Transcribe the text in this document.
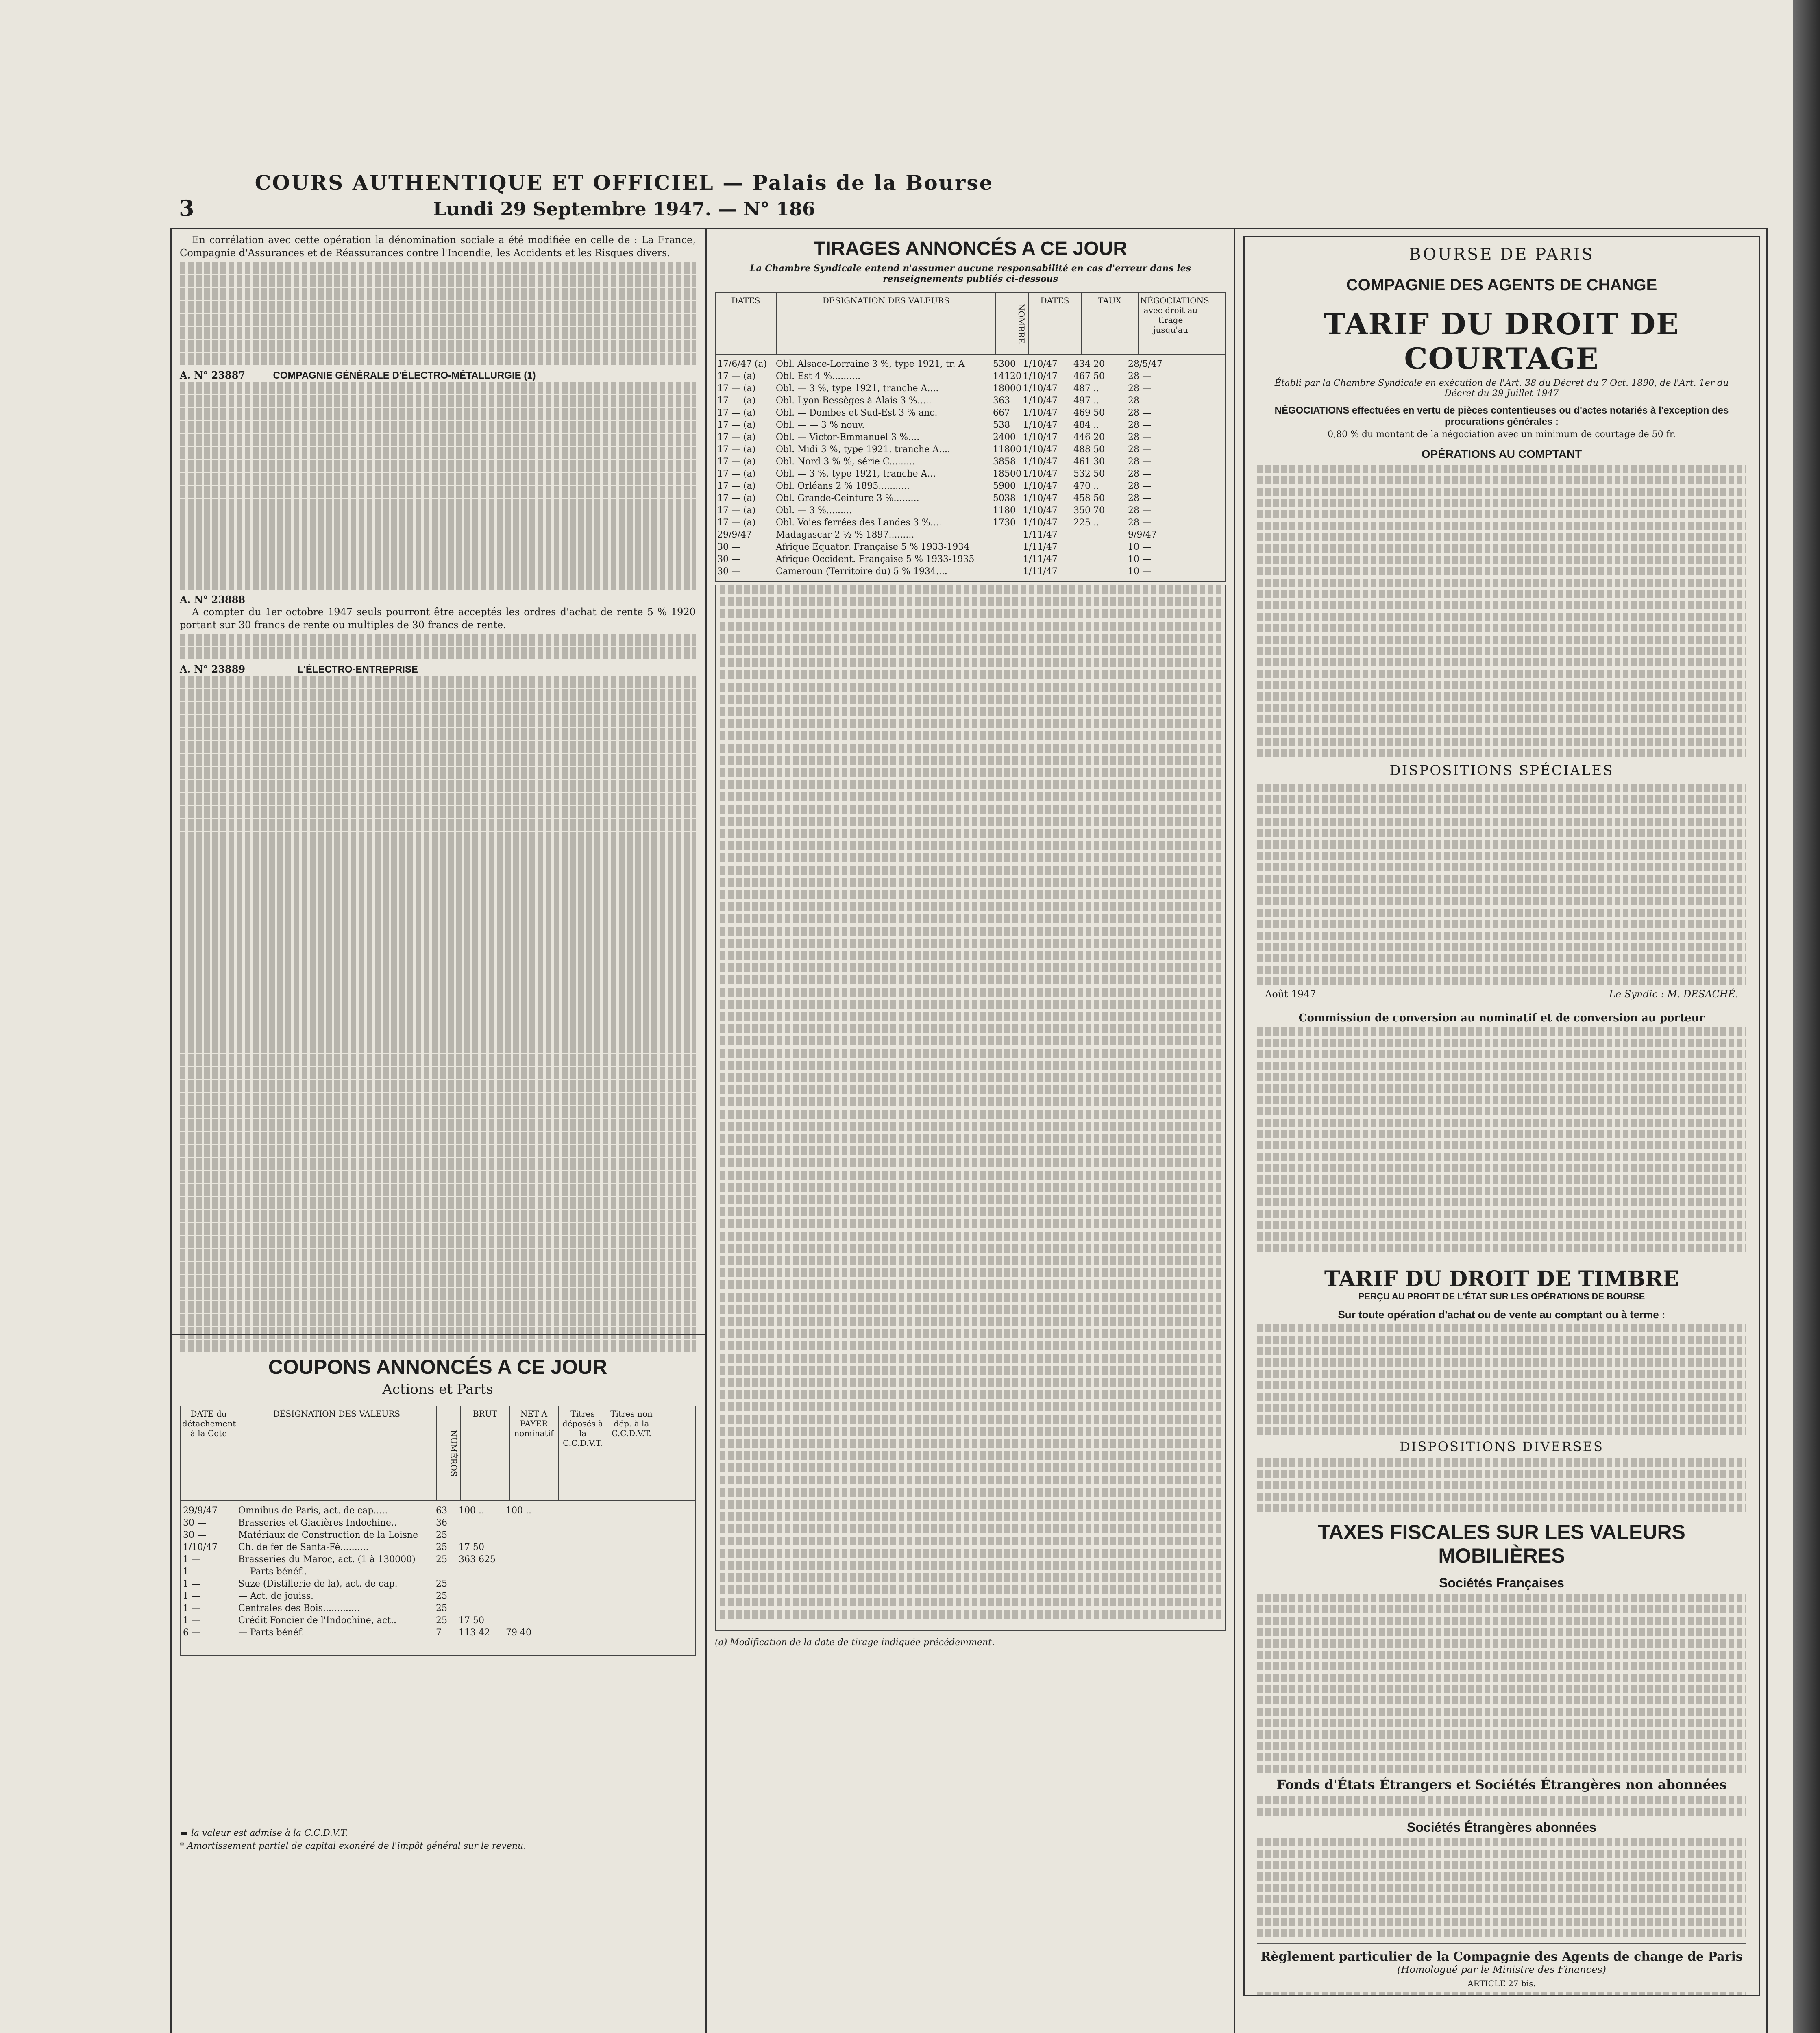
3
COURS AUTHENTIQUE ET OFFICIEL — Palais de la Bourse
Lundi 29 Septembre 1947. — N° 186

En corrélation avec cette opération la dénomination sociale a été modifiée en celle de : La France, Compagnie d'Assurances et de Réassurances contre l'Incendie, les Accidents et les Risques divers.

A. N° 23887	COMPAGNIE GÉNÉRALE D'ÉLECTRO-MÉTALLURGIE (1)
A. N° 23888

A compter du 1er octobre 1947 seuls pourront être acceptés les ordres d'achat de rente 5 % 1920 portant sur 30 francs de rente ou multiples de 30 francs de rente.

A. N° 23889	L'ÉLECTRO-ENTREPRISE
COUPONS ANNONCÉS A CE JOUR
Actions et Parts
DATE du détachement à la Cote
DÉSIGNATION DES VALEURS
NUMÉROS
BRUT	NET A PAYER nominatif
Titres déposés à la C.C.D.V.T.
Titres non dép. à la C.C.D.V.T.
29/9/47	Omnibus de Paris, act. de cap.....	63	100 ..	100 ..
30 —	Brasseries et Glacières Indochine..	36
30 —	Matériaux de Construction de la Loisne	25
1/10/47	Ch. de fer de Santa-Fé..........	25	17 50
1 —	Brasseries du Maroc, act. (1 à 130000)	25	363 625
1 —	— Parts bénéf..
1 —	Suze (Distillerie de la), act. de cap.	25
1 —	— Act. de jouiss.	25
1 —	Centrales des Bois.............	25
1 —	Crédit Foncier de l'Indochine, act..	25	17 50
6 —	— Parts bénéf.	7	113 42	79 40
▬ la valeur est admise à la C.C.D.V.T.
* Amortissement partiel de capital exonéré de l'impôt général sur le revenu.
TIRAGES ANNONCÉS A CE JOUR
La Chambre Syndicale entend n'assumer aucune responsabilité en cas d'erreur dans les renseignements publiés ci-dessous
DATES	DÉSIGNATION DES VALEURS
NOMBRE
DATES	TAUX	NÉGOCIATIONS avec droit au tirage jusqu'au
17/6/47 (a) Obl. Alsace-Lorraine 3 %, type 1921, tr. A	5300 1/10/47	434 20	28/5/47
17 — (a)	Obl. Est 4 %..........	14120 1/10/47	467 50	28 —
17 — (a)	Obl. — 3 %, type 1921, tranche A....	18000 1/10/47	487 ..	28 —
17 — (a)	Obl. Lyon Bessèges à Alais 3 %.....	363	1/10/47	497 ..	28 —
17 — (a)	Obl. — Dombes et Sud-Est 3 % anc.	667	1/10/47	469 50	28 —
17 — (a)	Obl. — — 3 % nouv.	538	1/10/47	484 ..	28 —
17 — (a)	Obl. — Victor-Emmanuel 3 %....	2400 1/10/47	446 20	28 —
17 — (a)	Obl. Midi 3 %, type 1921, tranche A....	11800 1/10/47	488 50	28 —
17 — (a)	Obl. Nord 3 % %, série C.........	3858 1/10/47	461 30	28 —
17 — (a)	Obl. — 3 %, type 1921, tranche A...	18500 1/10/47	532 50	28 —
17 — (a)	Obl. Orléans 2 % 1895...........	5900 1/10/47	470 ..	28 —
17 — (a)	Obl. Grande-Ceinture 3 %.........	5038 1/10/47	458 50	28 —
17 — (a)	Obl. — 3 %.........	1180 1/10/47	350 70	28 —
17 — (a)	Obl. Voies ferrées des Landes 3 %....	1730 1/10/47	225 ..	28 —
29/9/47	Madagascar 2 ½ % 1897.........	1/11/47	9/9/47
30 —	Afrique Equator. Française 5 % 1933-1934	1/11/47	10 —
30 —	Afrique Occident. Française 5 % 1933-1935	1/11/47	10 —
30 —	Cameroun (Territoire du) 5 % 1934....	1/11/47	10 —
(a) Modification de la date de tirage indiquée précédemment.
BOURSE DE PARIS
COMPAGNIE DES AGENTS DE CHANGE
TARIF DU DROIT DE COURTAGE
Établi par la Chambre Syndicale en exécution de l'Art. 38 du Décret du 7 Oct. 1890, de l'Art. 1er du Décret du 29 Juillet 1947
NÉGOCIATIONS effectuées en vertu de pièces contentieuses ou d'actes notariés à l'exception des procurations générales :
0,80 % du montant de la négociation avec un minimum de courtage de 50 fr.
OPÉRATIONS AU COMPTANT
DISPOSITIONS SPÉCIALES
Août 1947	Le Syndic : M. DESACHÉ.
Commission de conversion au nominatif et de conversion au porteur
TARIF DU DROIT DE TIMBRE
PERÇU AU PROFIT DE L'ÉTAT SUR LES OPÉRATIONS DE BOURSE
Sur toute opération d'achat ou de vente au comptant ou à terme :
DISPOSITIONS DIVERSES
TAXES FISCALES SUR LES VALEURS MOBILIÈRES
Sociétés Françaises
Fonds d'États Étrangers et Sociétés Étrangères non abonnées
Sociétés Étrangères abonnées
Règlement particulier de la Compagnie des Agents de change de Paris
(Homologué par le Ministre des Finances)
ARTICLE 27 bis.
